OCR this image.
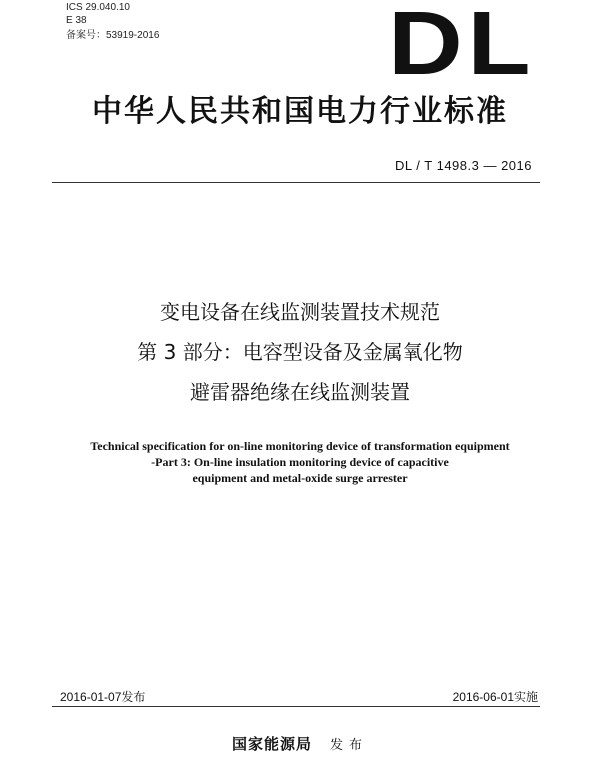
ICS 29.040.10
E 38
备案号：53919-2016	DL
中华人民共和国电力行业标准
DL / T 1498.3 — 2016
变电设备在线监测装置技术规范
第 3 部分：电容型设备及金属氧化物
避雷器绝缘在线监测装置
Technical specification for on-line monitoring device of transformation equipment
-Part 3: On-line insulation monitoring device of capacitive
equipment and metal-oxide surge arrester
2016-01-07发布	2016-06-01实施
国家能源局 发布
